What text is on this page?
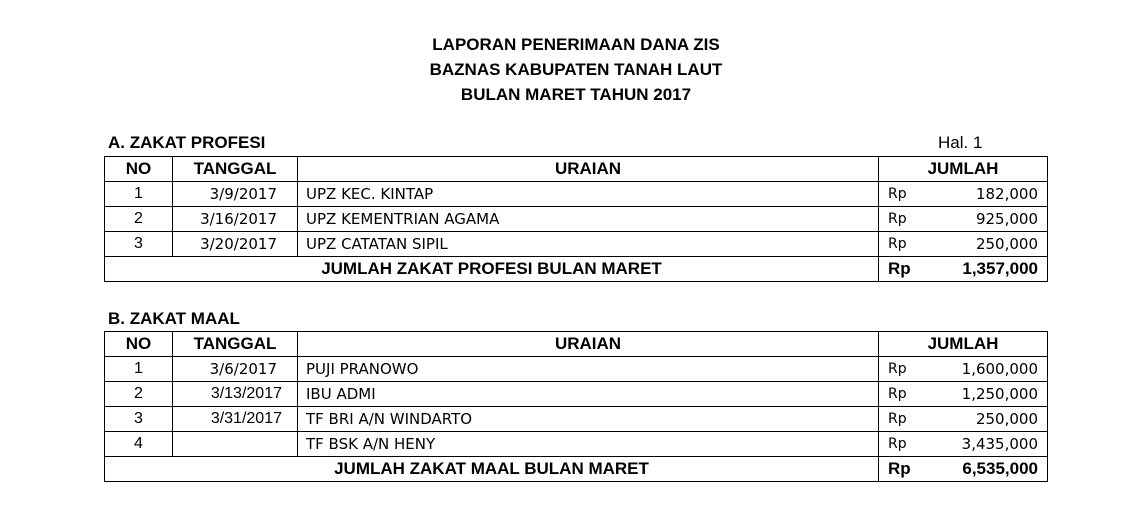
LAPORAN PENERIMAAN DANA ZIS
BAZNAS KABUPATEN TANAH LAUT
BULAN MARET TAHUN 2017
A. ZAKAT PROFESI	Hal. 1
NO	TANGGAL	URAIAN	JUMLAH	
1	3/9/2017	UPZ KEC. KINTAP	Rp	182,000
2	3/16/2017	UPZ KEMENTRIAN AGAMA	Rp	925,000
3	3/20/2017	UPZ CATATAN SIPIL	Rp	250,000
JUMLAH ZAKAT PROFESI BULAN MARET			Rp	1,357,000
B. ZAKAT MAAL
NO	TANGGAL	URAIAN	JUMLAH	
1	3/6/2017	PUJI PRANOWO	Rp	1,600,000
2	3/13/2017	IBU ADMI	Rp	1,250,000
3	3/31/2017	TF BRI A/N WINDARTO	Rp	250,000
4		TF BSK A/N HENY	Rp	3,435,000
JUMLAH ZAKAT MAAL BULAN MARET			Rp	6,535,000
